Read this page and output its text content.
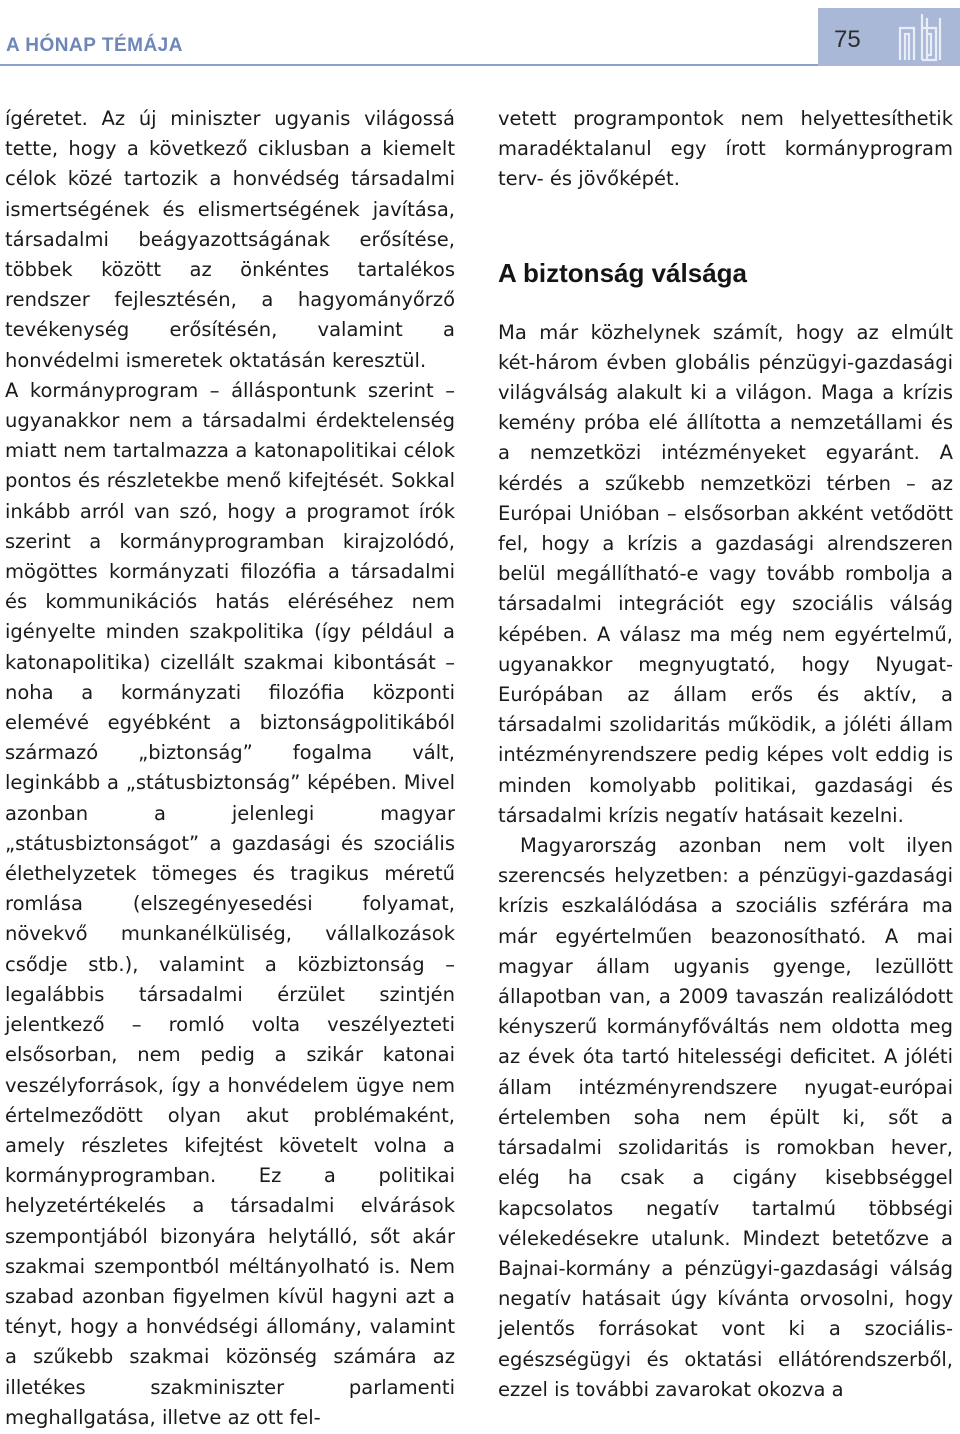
A HÓNAP TÉMÁJA	75

ígéretet. Az új miniszter ugyanis világossá tette, hogy a következő ciklusban a kiemelt célok közé tartozik a honvédség társadalmi ismertségének és elismertségének javítása, társadalmi beágyazottságának erősítése, többek között az önkéntes tartalékos rendszer fejlesztésén, a hagyományőrző tevékenység erősítésén, valamint a honvédelmi ismeretek oktatásán keresztül.

A kormányprogram – álláspontunk szerint – ugyanakkor nem a társadalmi érdektelenség miatt nem tartalmazza a katonapolitikai célok pontos és részletekbe menő kifejtését. Sokkal inkább arról van szó, hogy a programot írók szerint a kormányprogramban kirajzolódó, mögöttes kormányzati filozófia a társadalmi és kommunikációs hatás eléréséhez nem igényelte minden szakpolitika (így például a katonapolitika) cizellált szakmai kibontását – noha a kormányzati filozófia központi elemévé egyébként a biztonságpolitikából származó „biztonság” fogalma vált, leginkább a „státusbiztonság” képében. Mivel azonban a jelenlegi magyar „státusbiztonságot” a gazdasági és szociális élethelyzetek tömeges és tragikus méretű romlása (elszegényesedési folyamat, növekvő munkanélküliség, vállalkozások csődje stb.), valamint a közbiztonság – legalábbis társadalmi érzület szintjén jelentkező – romló volta veszélyezteti elsősorban, nem pedig a szikár katonai veszélyforrások, így a honvédelem ügye nem értelmeződött olyan akut problémaként, amely részletes kifejtést követelt volna a kormányprogramban. Ez a politikai helyzetértékelés a társadalmi elvárások szempontjából bizonyára helytálló, sőt akár szakmai szempontból méltányolható is. Nem szabad azonban figyelmen kívül hagyni azt a tényt, hogy a honvédségi állomány, valamint a szűkebb szakmai közönség számára az illetékes szakminiszter parlamenti meghallgatása, illetve az ott fel-

vetett programpontok nem helyettesíthetik maradéktalanul egy írott kormányprogram terv- és jövőképét.

A biztonság válsága

Ma már közhelynek számít, hogy az elmúlt két-három évben globális pénzügyi-gazdasági világválság alakult ki a világon. Maga a krízis kemény próba elé állította a nemzetállami és a nemzetközi intézményeket egyaránt. A kérdés a szűkebb nemzetközi térben – az Európai Unióban – elsősorban akként vetődött fel, hogy a krízis a gazdasági alrendszeren belül megállítható-e vagy tovább rombolja a társadalmi integrációt egy szociális válság képében. A válasz ma még nem egyértelmű, ugyanakkor megnyugtató, hogy Nyugat-Európában az állam erős és aktív, a társadalmi szolidaritás működik, a jóléti állam intézményrendszere pedig képes volt eddig is minden komolyabb politikai, gazdasági és társadalmi krízis negatív hatásait kezelni.

Magyarország azonban nem volt ilyen szerencsés helyzetben: a pénzügyi-gazdasági krízis eszkalálódása a szociális szférára ma már egyértelműen beazonosítható. A mai magyar állam ugyanis gyenge, lezüllött állapotban van, a 2009 tavaszán realizálódott kényszerű kormányfőváltás nem oldotta meg az évek óta tartó hitelességi deficitet. A jóléti állam intézményrendszere nyugat-európai értelemben soha nem épült ki, sőt a társadalmi szolidaritás is romokban hever, elég ha csak a cigány kisebbséggel kapcsolatos negatív tartalmú többségi vélekedésekre utalunk. Mindezt betetőzve a Bajnai-kormány a pénzügyi-gazdasági válság negatív hatásait úgy kívánta orvosolni, hogy jelentős forrásokat vont ki a szociális-egészségügyi és oktatási ellátórendszerből, ezzel is további zavarokat okozva a
